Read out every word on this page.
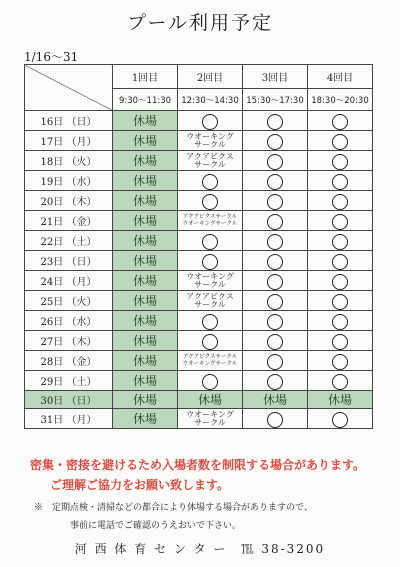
プール利用予定
1/16～31
	1回目	2回目	3回目	4回目
	9:30～11:30	12:30～14:30	15:30～17:30	18:30～20:30
16日 （日）	休場			
17日 （月）	休場	ウオーキング
サークル		

18日 （火）	休場	アクアビクス
サークル		

19日 （水）	休場			
20日 （木）	休場			
21日 （金）	休場	アクアビクスサークル
ウオーキングサークル		

22日 （土）	休場			
23日 （日）	休場			
24日 （月）	休場	ウオーキング
サークル		

25日 （火）	休場	アクアビクス
サークル		

26日 （水）	休場			
27日 （木）	休場			
28日 （金）	休場	アクアビクスサークル
ウオーキングサークル		

29日 （土）	休場			
30日 （日）	休場	休場	休場	休場
31日 （月）	休場	ウオーキング
サークル		

密集・密接を避けるため入場者数を制限する場合があります。
ご理解ご協力をお願い致します。
※　定期点検・清掃などの都合により休場する場合がありますので、
事前に電話でご確認のうえおいで下さい。
河 西 体 育 セ ン タ ー　℡ 38-3200
